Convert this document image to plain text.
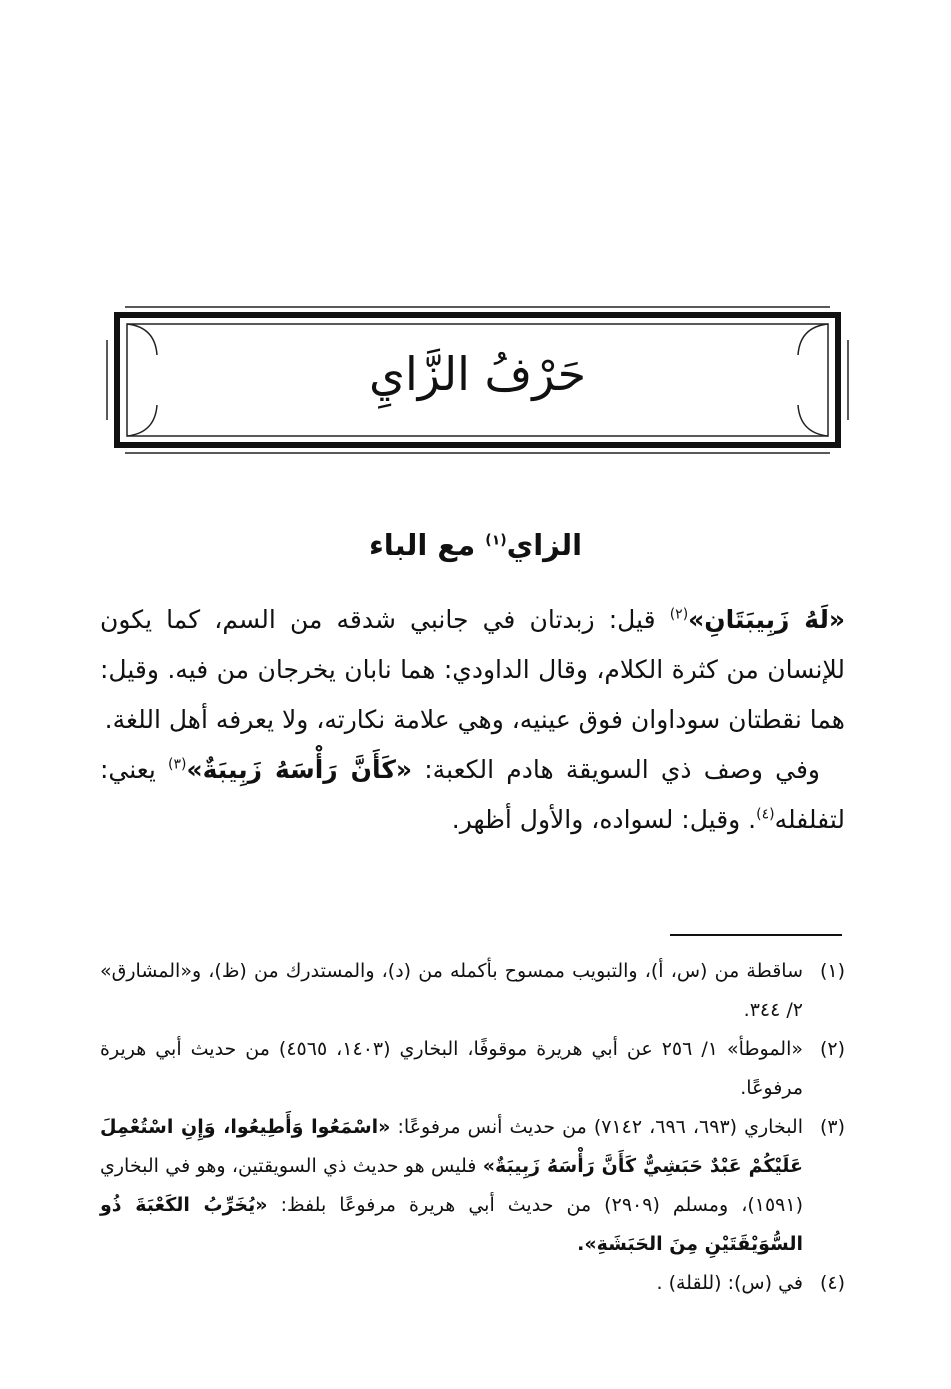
حَرْفُ الزَّايِ
الزاي$^{(١)}$ مع الباء

«لَهُ زَبِيبَتَانِ»$^{(٢)}$ قيل: زبدتان في جانبي شدقه من السم، كما يكون للإنسان من كثرة الكلام، وقال الداودي: هما نابان يخرجان من فيه. وقيل: هما نقطتان سوداوان فوق عينيه، وهي علامة نكارته، ولا يعرفه أهل اللغة.

وفي وصف ذي السويقة هادم الكعبة: «كَأَنَّ رَأْسَهُ زَبِيبَةٌ»$^{(٣)}$ يعني: لتفلفله$^{(٤)}$. وقيل: لسواده، والأول أظهر.

(١)
ساقطة من (س، أ)، والتبويب ممسوح بأكمله من (د)، والمستدرك من (ظ)، و«المشارق» ٢/ ٣٤٤.
(٢)
«الموطأ» ١/ ٢٥٦ عن أبي هريرة موقوفًا، البخاري (١٤٠٣، ٤٥٦٥) من حديث أبي هريرة مرفوعًا.
(٣)
البخاري (٦٩٣، ٦٩٦، ٧١٤٢) من حديث أنس مرفوعًا: «اسْمَعُوا وَأَطِيعُوا، وَإِنِ اسْتُعْمِلَ عَلَيْكُمْ عَبْدٌ حَبَشِيٌّ كَأَنَّ رَأْسَهُ زَبِيبَةٌ» فليس هو حديث ذي السويقتين، وهو في البخاري (١٥٩١)، ومسلم (٢٩٠٩) من حديث أبي هريرة مرفوعًا بلفظ: «يُخَرِّبُ الكَعْبَةَ ذُو السُّوَيْقَتَيْنِ مِنَ الحَبَشَةِ».
(٤)
في (س): (للقلة) .
